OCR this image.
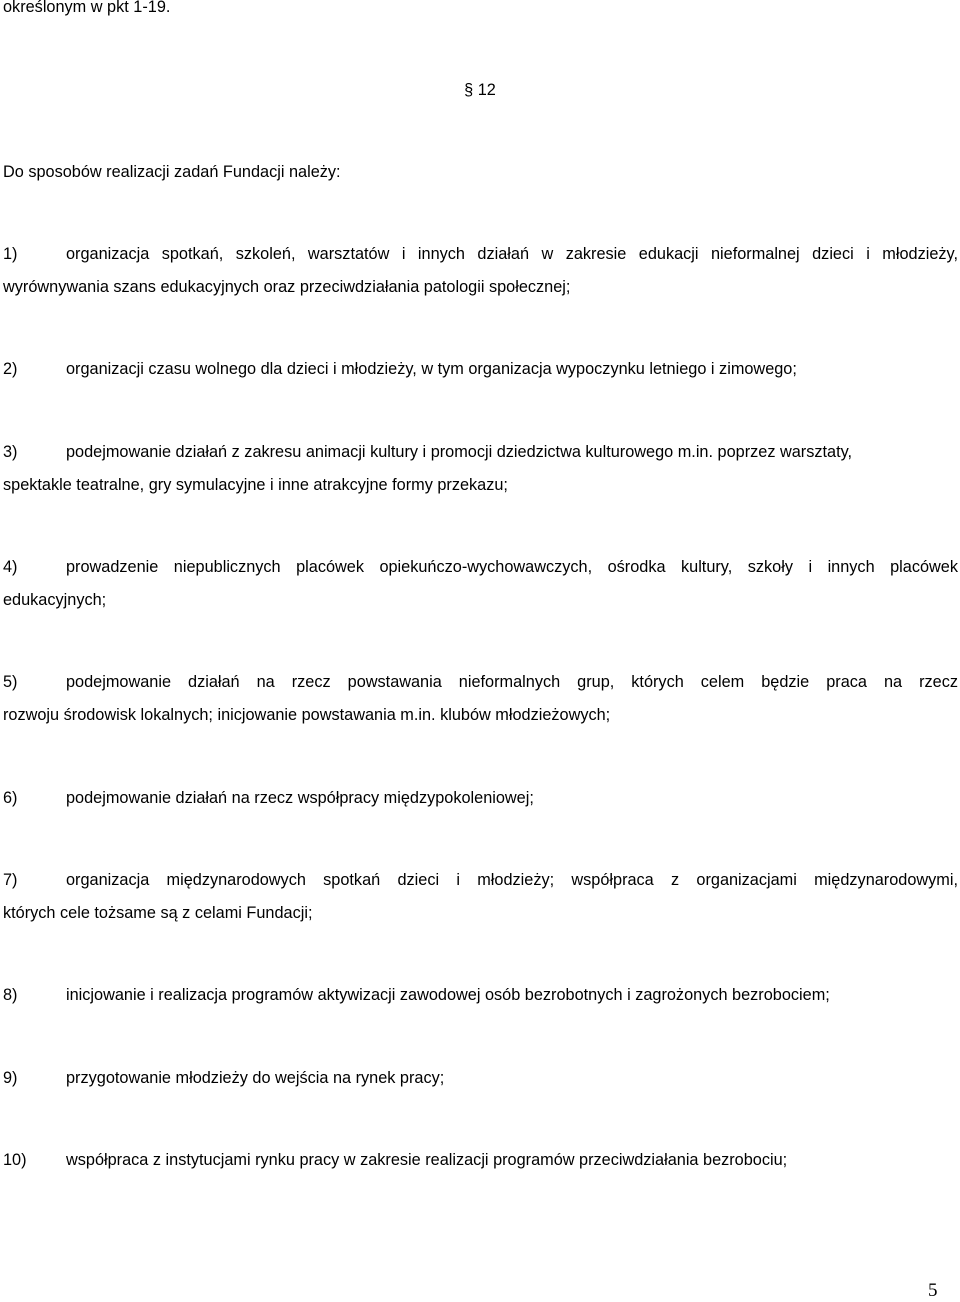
określonym w pkt 1-19.
§ 12
Do sposobów realizacji zadań Fundacji należy:
1)	organizacja spotkań, szkoleń, warsztatów i innych działań w zakresie edukacji nieformalnej dzieci i młodzieży,
wyrównywania szans edukacyjnych oraz przeciwdziałania patologii społecznej;
2)	organizacji czasu wolnego dla dzieci i młodzieży, w tym organizacja wypoczynku letniego i zimowego;
3)	podejmowanie działań z zakresu animacji kultury i promocji dziedzictwa kulturowego m.in. poprzez warsztaty,
spektakle teatralne, gry symulacyjne i inne atrakcyjne formy przekazu;
4)	prowadzenie niepublicznych placówek opiekuńczo-wychowawczych, ośrodka kultury, szkoły i innych placówek
edukacyjnych;
5)	podejmowanie działań na rzecz powstawania nieformalnych grup, których celem będzie praca na rzecz
rozwoju środowisk lokalnych; inicjowanie powstawania m.in. klubów młodzieżowych;
6)	podejmowanie działań na rzecz współpracy międzypokoleniowej;
7)	organizacja międzynarodowych spotkań dzieci i młodzieży; współpraca z organizacjami międzynarodowymi,
których cele tożsame są z celami Fundacji;
8)	inicjowanie i realizacja programów aktywizacji zawodowej osób bezrobotnych i zagrożonych bezrobociem;
9)	przygotowanie młodzieży do wejścia na rynek pracy;
10) współpraca z instytucjami rynku pracy w zakresie realizacji programów przeciwdziałania bezrobociu;
5
